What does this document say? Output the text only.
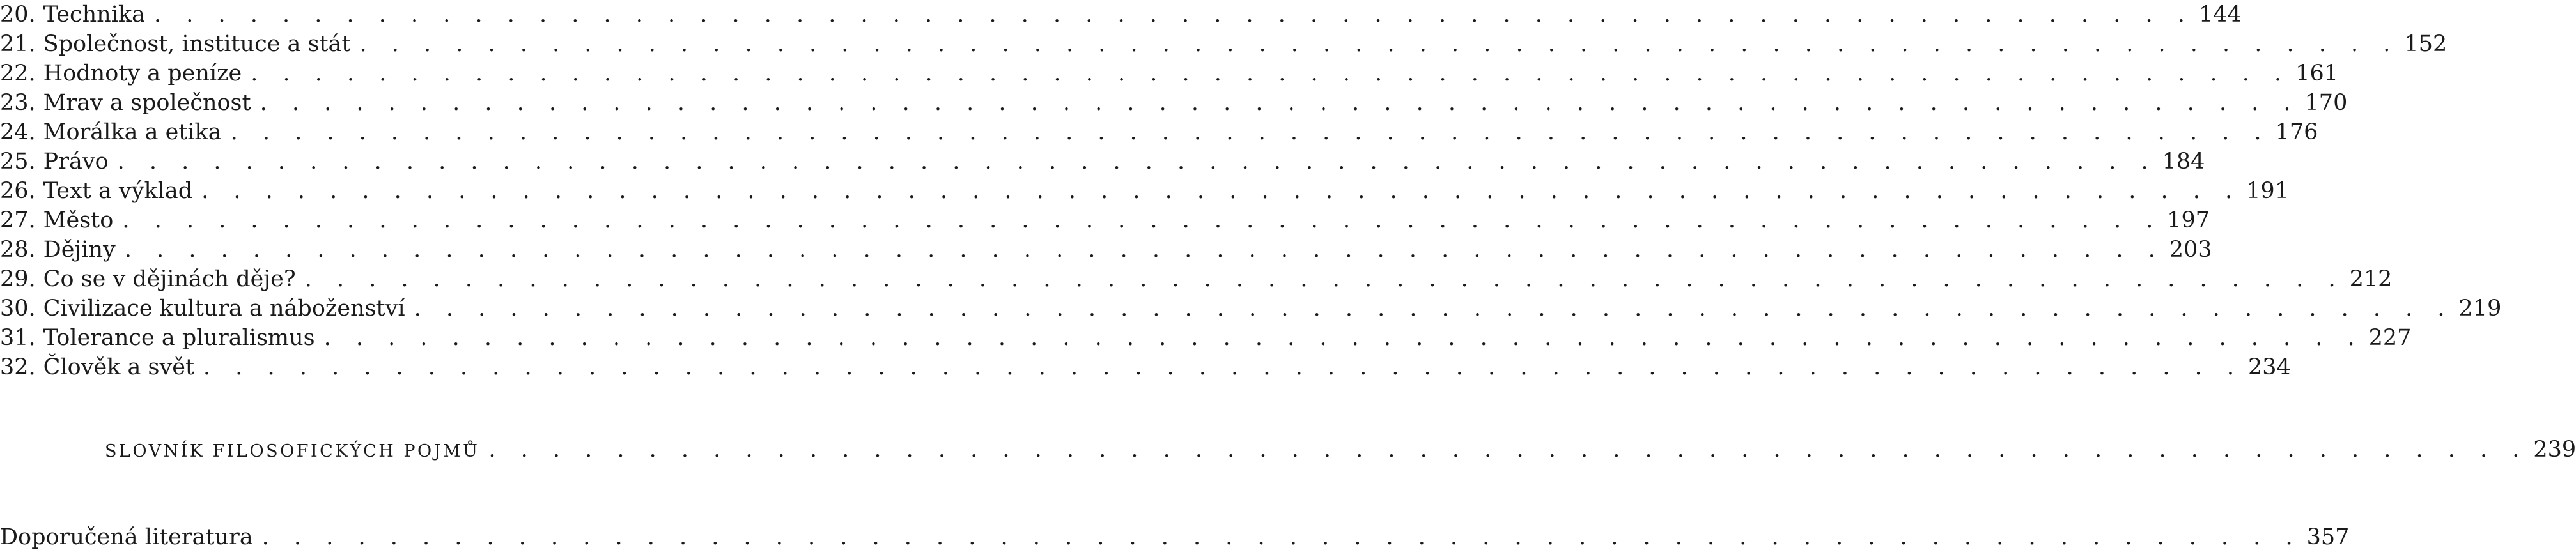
20. Technika . . . . . . . . . . . . . . . . . . . . . . . . . . . . . . . . . . . . . . . . . . . . . . . . . . . . . . . . . . . . . . . . 144
21. Společnost, instituce a stát . . . . . . . . . . . . . . . . . . . . . . . . . . . . . . . . . . . . . . . . . . . . . . . . . . . . . . . . . . . . . . . . 152
22. Hodnoty a peníze . . . . . . . . . . . . . . . . . . . . . . . . . . . . . . . . . . . . . . . . . . . . . . . . . . . . . . . . . . . . . . . . 161
23. Mrav a společnost . . . . . . . . . . . . . . . . . . . . . . . . . . . . . . . . . . . . . . . . . . . . . . . . . . . . . . . . . . . . . . . . 170
24. Morálka a etika . . . . . . . . . . . . . . . . . . . . . . . . . . . . . . . . . . . . . . . . . . . . . . . . . . . . . . . . . . . . . . . . 176
25. Právo . . . . . . . . . . . . . . . . . . . . . . . . . . . . . . . . . . . . . . . . . . . . . . . . . . . . . . . . . . . . . . . . 184
26. Text a výklad . . . . . . . . . . . . . . . . . . . . . . . . . . . . . . . . . . . . . . . . . . . . . . . . . . . . . . . . . . . . . . . . 191
27. Město . . . . . . . . . . . . . . . . . . . . . . . . . . . . . . . . . . . . . . . . . . . . . . . . . . . . . . . . . . . . . . . . 197
28. Dějiny . . . . . . . . . . . . . . . . . . . . . . . . . . . . . . . . . . . . . . . . . . . . . . . . . . . . . . . . . . . . . . . . 203
29. Co se v dějinách děje? . . . . . . . . . . . . . . . . . . . . . . . . . . . . . . . . . . . . . . . . . . . . . . . . . . . . . . . . . . . . . . . . 212
30. Civilizace kultura a náboženství . . . . . . . . . . . . . . . . . . . . . . . . . . . . . . . . . . . . . . . . . . . . . . . . . . . . . . . . . . . . . . . . 219
31. Tolerance a pluralismus . . . . . . . . . . . . . . . . . . . . . . . . . . . . . . . . . . . . . . . . . . . . . . . . . . . . . . . . . . . . . . . . 227
32. Člověk a svět . . . . . . . . . . . . . . . . . . . . . . . . . . . . . . . . . . . . . . . . . . . . . . . . . . . . . . . . . . . . . . . . 234
SLOVNÍK FILOSOFICKÝCH POJMŮ . . . . . . . . . . . . . . . . . . . . . . . . . . . . . . . . . . . . . . . . . . . . . . . . . . . . . . . . . . . . . . . . 239
Doporučená literatura . . . . . . . . . . . . . . . . . . . . . . . . . . . . . . . . . . . . . . . . . . . . . . . . . . . . . . . . . . . . . . . . 357
